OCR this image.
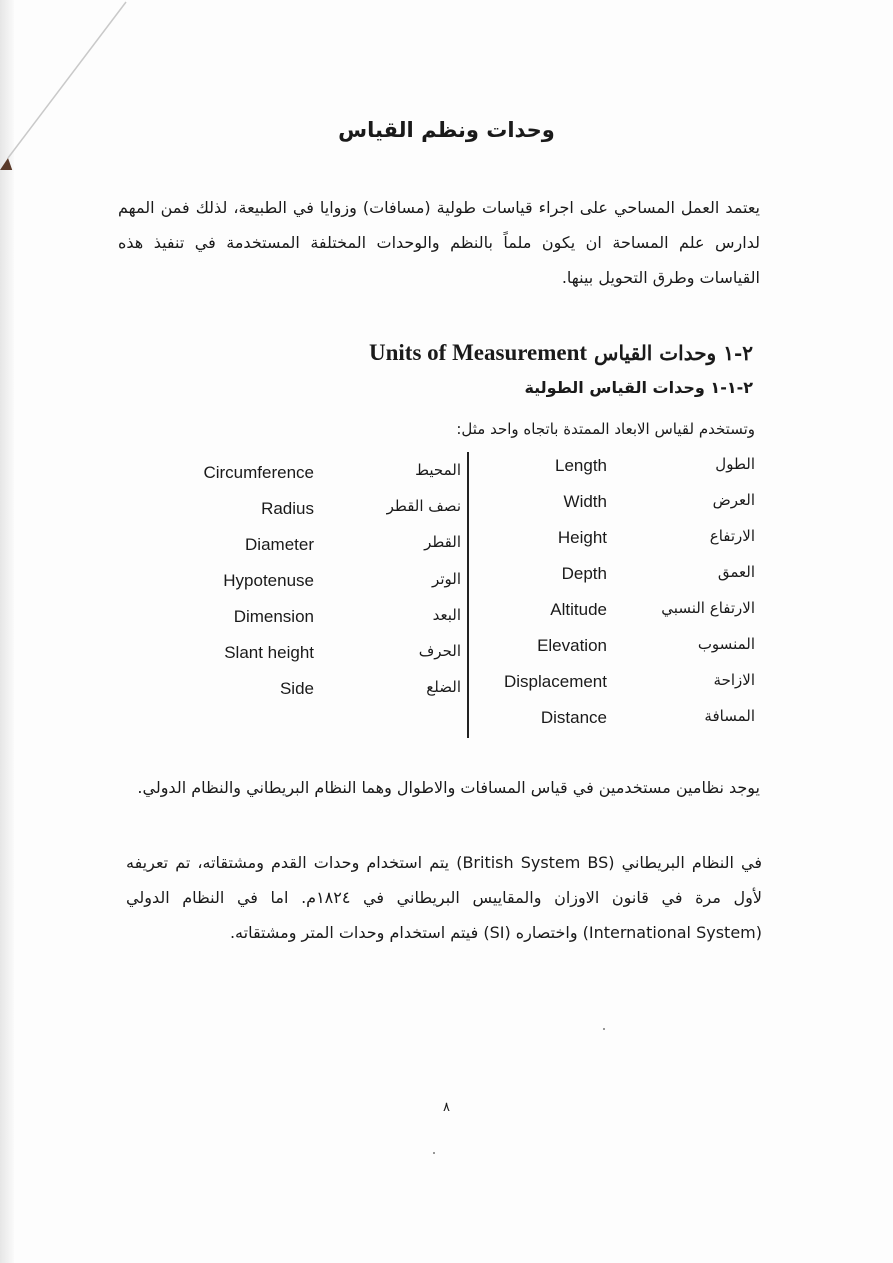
وحدات ونظم القياس
يعتمد العمل المساحي على اجراء قياسات طولية (مسافات) وزوايا في الطبيعة، لذلك فمن المهم لدارس علم المساحة ان يكون ملماً بالنظم والوحدات المختلفة المستخدمة في تنفيذ هذه القياسات وطرق التحويل بينها.
٢-١ وحدات القياس Units of Measurement
٢-١-١ وحدات القياس الطولية
وتستخدم لقياس الابعاد الممتدة باتجاه واحد مثل:
الطول
Length
العرض
Width
الارتفاع
Height
العمق
Depth
الارتفاع النسبي
Altitude
المنسوب
Elevation
الازاحة
Displacement
المسافة
Distance
المحيط
Circumference
نصف القطر
Radius
القطر
Diameter
الوتر
Hypotenuse
البعد
Dimension
الحرف
Slant height
الضلع
Side
يوجد نظامين مستخدمين في قياس المسافات والاطوال وهما النظام البريطاني والنظام الدولي.
في النظام البريطاني (British System BS) يتم استخدام وحدات القدم ومشتقاته، تم تعريفه لأول مرة في قانون الاوزان والمقاييس البريطاني في ١٨٢٤م. اما في النظام الدولي (International System) واختصاره (SI) فيتم استخدام وحدات المتر ومشتقاته.
٨
